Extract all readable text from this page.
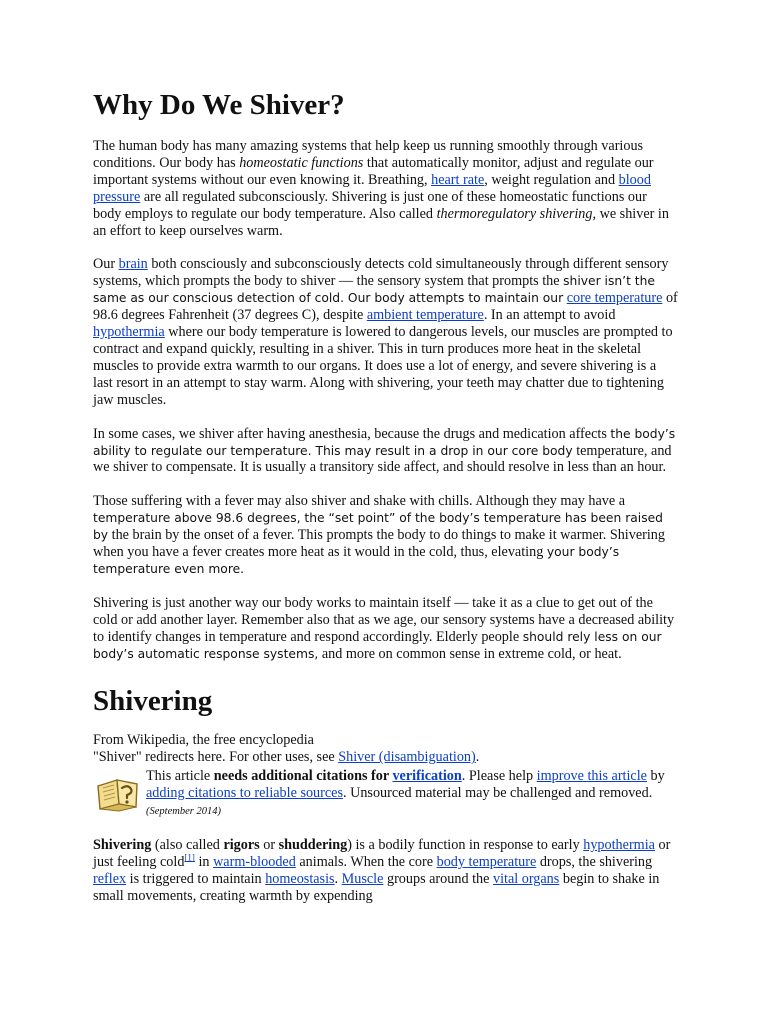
Why Do We Shiver?

The human body has many amazing systems that help keep us running smoothly through various conditions. Our body has homeostatic functions that automatically monitor, adjust and regulate our important systems without our even knowing it. Breathing, heart rate, weight regulation and blood pressure are all regulated subconsciously. Shivering is just one of these homeostatic functions our body employs to regulate our body temperature. Also called thermoregulatory shivering, we shiver in an effort to keep ourselves warm.

Our brain both consciously and subconsciously detects cold simultaneously through different sensory systems, which prompts the body to shiver — the sensory system that prompts the shiver isn’t the same as our conscious detection of cold. Our body attempts to maintain our core temperature of 98.6 degrees Fahrenheit (37 degrees C), despite ambient temperature. In an attempt to avoid hypothermia where our body temperature is lowered to dangerous levels, our muscles are prompted to contract and expand quickly, resulting in a shiver. This in turn produces more heat in the skeletal muscles to provide extra warmth to our organs. It does use a lot of energy, and severe shivering is a last resort in an attempt to stay warm. Along with shivering, your teeth may chatter due to tightening jaw muscles.

In some cases, we shiver after having anesthesia, because the drugs and medication affects the body’s ability to regulate our temperature. This may result in a drop in our core body temperature, and we shiver to compensate. It is usually a transitory side affect, and should resolve in less than an hour.

Those suffering with a fever may also shiver and shake with chills. Although they may have a temperature above 98.6 degrees, the “set point” of the body’s temperature has been raised by the brain by the onset of a fever. This prompts the body to do things to make it warmer. Shivering when you have a fever creates more heat as it would in the cold, thus, elevating your body’s temperature even more.

Shivering is just another way our body works to maintain itself — take it as a clue to get out of the cold or add another layer. Remember also that as we age, our sensory systems have a decreased ability to identify changes in temperature and respond accordingly. Elderly people should rely less on our body’s automatic response systems, and more on common sense in extreme cold, or heat.

Shivering

From Wikipedia, the free encyclopedia

"Shiver" redirects here. For other uses, see Shiver (disambiguation).

This article needs additional citations for verification. Please help improve this article by adding citations to reliable sources. Unsourced material may be challenged and removed. (September 2014)

Shivering (also called rigors or shuddering) is a bodily function in response to early hypothermia or just feeling cold[1] in warm-blooded animals. When the core body temperature drops, the shivering reflex is triggered to maintain homeostasis. Muscle groups around the vital organs begin to shake in small movements, creating warmth by expending
